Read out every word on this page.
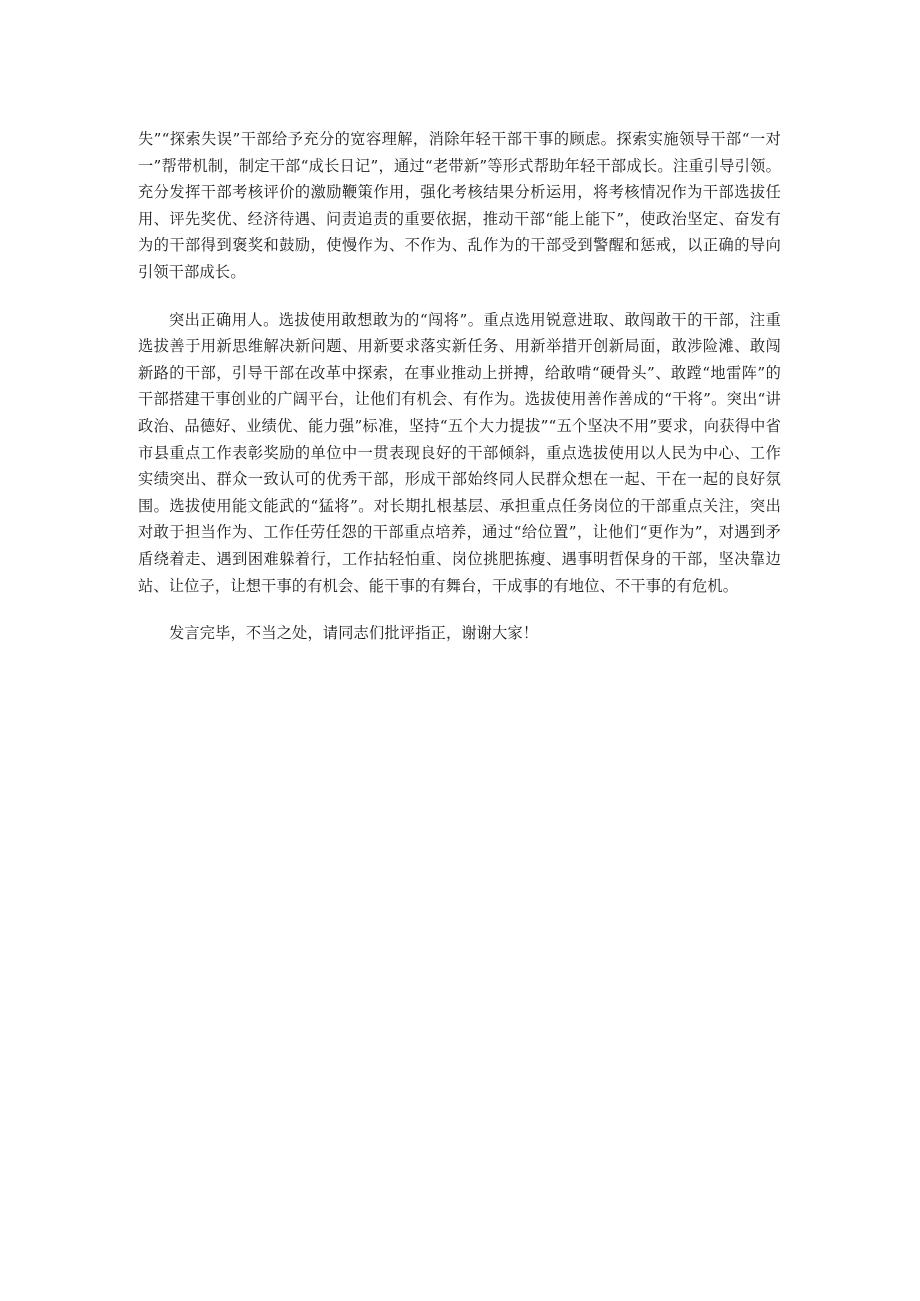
失”“探索失误”干部给予充分的宽容理解，消除年轻干部干事的顾虑。探索实施领导干部“一对一”帮带机制，制定干部“成长日记”，通过“老带新”等形式帮助年轻干部成长。注重引导引领。充分发挥干部考核评价的激励鞭策作用，强化考核结果分析运用，将考核情况作为干部选拔任用、评先奖优、经济待遇、问责追责的重要依据，推动干部“能上能下”，使政治坚定、奋发有为的干部得到褒奖和鼓励，使慢作为、不作为、乱作为的干部受到警醒和惩戒，以正确的导向引领干部成长。

突出正确用人。选拔使用敢想敢为的“闯将”。重点选用锐意进取、敢闯敢干的干部，注重选拔善于用新思维解决新问题、用新要求落实新任务、用新举措开创新局面，敢涉险滩、敢闯新路的干部，引导干部在改革中探索，在事业推动上拼搏，给敢啃“硬骨头”、敢蹚“地雷阵”的干部搭建干事创业的广阔平台，让他们有机会、有作为。选拔使用善作善成的“干将”。突出“讲政治、品德好、业绩优、能力强”标准，坚持“五个大力提拔”“五个坚决不用”要求，向获得中省市县重点工作表彰奖励的单位中一贯表现良好的干部倾斜，重点选拔使用以人民为中心、工作实绩突出、群众一致认可的优秀干部，形成干部始终同人民群众想在一起、干在一起的良好氛围。选拔使用能文能武的“猛将”。对长期扎根基层、承担重点任务岗位的干部重点关注，突出对敢于担当作为、工作任劳任怨的干部重点培养，通过“给位置”，让他们“更作为”，对遇到矛盾绕着走、遇到困难躲着行，工作拈轻怕重、岗位挑肥拣瘦、遇事明哲保身的干部，坚决靠边站、让位子，让想干事的有机会、能干事的有舞台，干成事的有地位、不干事的有危机。

发言完毕，不当之处，请同志们批评指正，谢谢大家！
